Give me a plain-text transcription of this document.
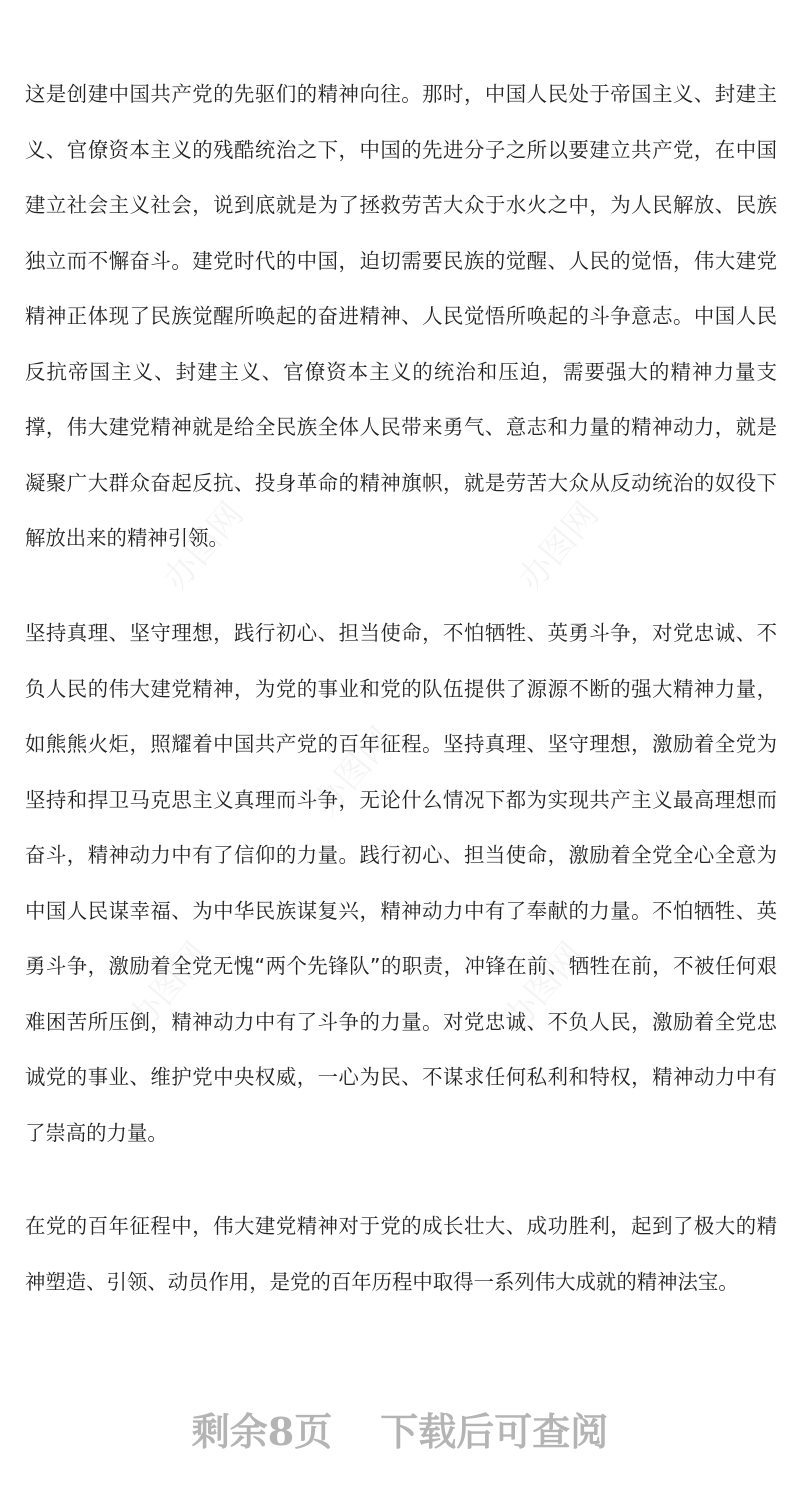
这是创建中国共产党的先驱们的精神向往。那时，中国人民处于帝国主义、封建主义、官僚资本主义的残酷统治之下，中国的先进分子之所以要建立共产党，在中国建立社会主义社会，说到底就是为了拯救劳苦大众于水火之中，为人民解放、民族独立而不懈奋斗。建党时代的中国，迫切需要民族的觉醒、人民的觉悟，伟大建党精神正体现了民族觉醒所唤起的奋进精神、人民觉悟所唤起的斗争意志。中国人民反抗帝国主义、封建主义、官僚资本主义的统治和压迫，需要强大的精神力量支撑，伟大建党精神就是给全民族全体人民带来勇气、意志和力量的精神动力，就是凝聚广大群众奋起反抗、投身革命的精神旗帜，就是劳苦大众从反动统治的奴役下解放出来的精神引领。

坚持真理、坚守理想，践行初心、担当使命，不怕牺牲、英勇斗争，对党忠诚、不负人民的伟大建党精神，为党的事业和党的队伍提供了源源不断的强大精神力量，如熊熊火炬，照耀着中国共产党的百年征程。坚持真理、坚守理想，激励着全党为坚持和捍卫马克思主义真理而斗争，无论什么情况下都为实现共产主义最高理想而奋斗，精神动力中有了信仰的力量。践行初心、担当使命，激励着全党全心全意为中国人民谋幸福、为中华民族谋复兴，精神动力中有了奉献的力量。不怕牺牲、英勇斗争，激励着全党无愧“两个先锋队”的职责，冲锋在前、牺牲在前，不被任何艰难困苦所压倒，精神动力中有了斗争的力量。对党忠诚、不负人民，激励着全党忠诚党的事业、维护党中央权威，一心为民、不谋求任何私利和特权，精神动力中有了崇高的力量。

在党的百年征程中，伟大建党精神对于党的成长壮大、成功胜利，起到了极大的精神塑造、引领、动员作用，是党的百年历程中取得一系列伟大成就的精神法宝。

剩余8页 下载后可查阅
